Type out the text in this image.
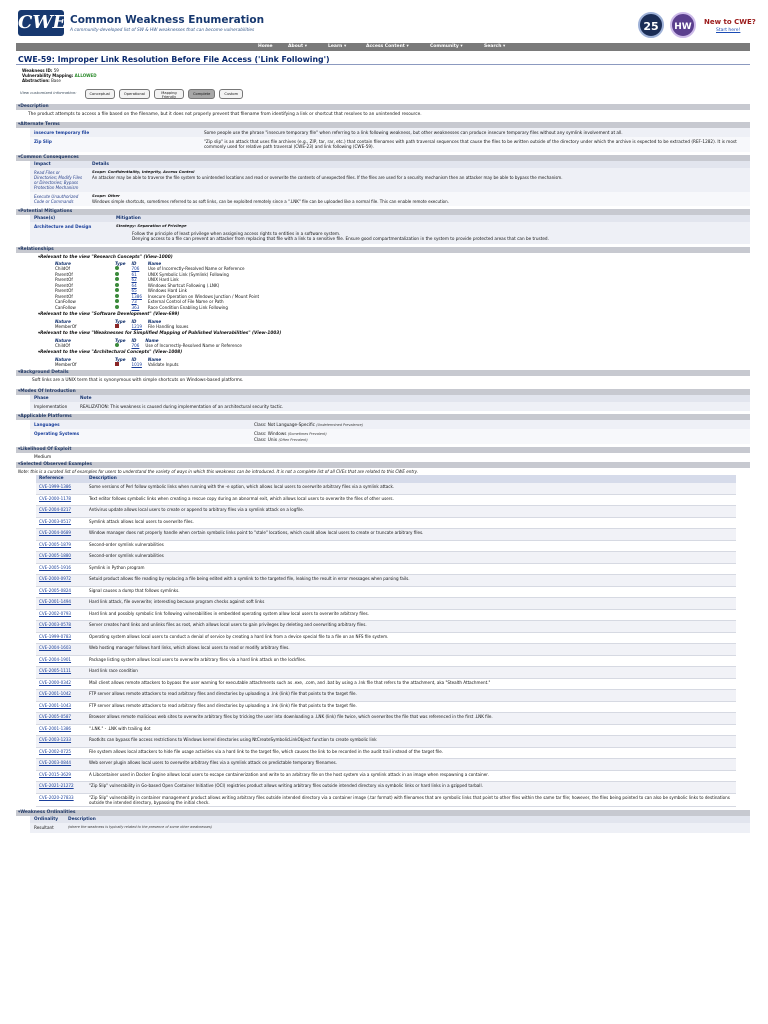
CWE Common Weakness Enumeration
A community-developed list of SW & HW weaknesses that can become vulnerabilities	25	HW	New to CWE?
Start here!
Home	About ▾	Learn ▾	Access Content ▾	Community ▾	Search ▾
CWE-59: Improper Link Resolution Before File Access ('Link Following')
Weakness ID: 59
Vulnerability Mapping: ALLOWED
Abstraction: Base
View customized information:	Conceptual	Operational	Mapping Friendly
Complete	Custom
▾ Description
The product attempts to access a file based on the filename, but it does not properly prevent that filename from identifying a link or shortcut that resolves to an unintended resource.
▾ Alternate Terms
insecure temporary file	Some people use the phrase "insecure temporary file" when referring to a link following weakness, but other weaknesses can produce insecure temporary files without any symlink involvement at all.
Zip Slip	"Zip slip" is an attack that uses file archives (e.g., ZIP, tar, rar, etc.) that contain filenames with path traversal sequences that cause the files to be written outside of the directory under which the archive is expected to be extracted (REF-1282). It is most commonly used for relative path traversal (CWE-23) and link following (CWE-59).
▾ Common Consequences
Impact	Details
Read Files or Directories; Modify Files or Directories; Bypass Protection Mechanism	Scope: Confidentiality, Integrity, Access Control
An attacker may be able to traverse the file system to unintended locations and read or overwrite the contents of unexpected files. If the files are used for a security mechanism then an attacker may be able to bypass the mechanism.

Execute Unauthorized Code or Commands	Scope: Other
Windows simple shortcuts, sometimes referred to as soft links, can be exploited remotely since a ".LNK" file can be uploaded like a normal file. This can enable remote execution.
▾ Potential Mitigations
Phase(s)	Mitigation
Architecture and Design	Strategy: Separation of Privilege
Follow the principle of least privilege when assigning access rights to entities in a software system.
Denying access to a file can prevent an attacker from replacing that file with a link to a sensitive file. Ensure good compartmentalization in the system to provide protected areas that can be trusted.
▾ Relationships
▾ Relevant to the view "Research Concepts" (View-1000)
Nature	Type	ID	Name
ChildOf		706	Use of Incorrectly-Resolved Name or Reference
ParentOf		61	UNIX Symbolic Link (Symlink) Following
ParentOf		62	UNIX Hard Link
ParentOf		64	Windows Shortcut Following (.LNK)
ParentOf		65	Windows Hard Link
ParentOf		1386	Insecure Operation on Windows Junction / Mount Point
CanFollow		73	External Control of File Name or Path
CanFollow		363	Race Condition Enabling Link Following
▾ Relevant to the view "Software Development" (View-699)
Nature	Type	ID	Name
MemberOf		1219	File Handling Issues
▾ Relevant to the view "Weaknesses for Simplified Mapping of Published Vulnerabilities" (View-1003)
Nature	Type	ID	Name
ChildOf		706	Use of Incorrectly-Resolved Name or Reference
▾ Relevant to the view "Architectural Concepts" (View-1008)
Nature	Type	ID	Name
MemberOf		1019	Validate Inputs
▾ Background Details
Soft links are a UNIX term that is synonymous with simple shortcuts on Windows-based platforms.
▾ Modes Of Introduction
Phase	Note
Implementation	REALIZATION: This weakness is caused during implementation of an architectural security tactic.
▾ Applicable Platforms
Languages	Class: Not Language-Specific (Undetermined Prevalence)
Operating Systems	Class: Windows (Sometimes Prevalent)
Class: Unix (Often Prevalent)
▾ Likelihood Of Exploit
Medium
▾ Selected Observed Examples
Note: this is a curated list of examples for users to understand the variety of ways in which this weakness can be introduced. It is not a complete list of all CVEs that are related to this CWE entry.
Reference	Description
CVE-1999-1386	Some versions of Perl follow symbolic links when running with the -e option, which allows local users to overwrite arbitrary files via a symlink attack.
CVE-2000-1178	Text editor follows symbolic links when creating a rescue copy during an abnormal exit, which allows local users to overwrite the files of other users.
CVE-2004-0217	Antivirus update allows local users to create or append to arbitrary files via a symlink attack on a logfile.
CVE-2003-0517	Symlink attack allows local users to overwrite files.
CVE-2004-0689	Window manager does not properly handle when certain symbolic links point to "stale" locations, which could allow local users to create or truncate arbitrary files.
CVE-2005-1879	Second-order symlink vulnerabilities
CVE-2005-1880	Second-order symlink vulnerabilities
CVE-2005-1916	Symlink in Python program
CVE-2000-0972	Setuid product allows file reading by replacing a file being edited with a symlink to the targeted file, leaking the result in error messages when parsing fails.
CVE-2005-0824	Signal causes a dump that follows symlinks.
CVE-2001-1494	Hard link attack, file overwrite; interesting because program checks against soft links
CVE-2002-0793	Hard link and possibly symbolic link following vulnerabilities in embedded operating system allow local users to overwrite arbitrary files.
CVE-2003-0578	Server creates hard links and unlinks files as root, which allows local users to gain privileges by deleting and overwriting arbitrary files.
CVE-1999-0783	Operating system allows local users to conduct a denial of service by creating a hard link from a device special file to a file on an NFS file system.
CVE-2004-1603	Web hosting manager follows hard links, which allows local users to read or modify arbitrary files.
CVE-2004-1901	Package listing system allows local users to overwrite arbitrary files via a hard link attack on the lockfiles.
CVE-2005-1111	Hard link race condition
CVE-2000-0342	Mail client allows remote attackers to bypass the user warning for executable attachments such as .exe, .com, and .bat by using a .lnk file that refers to the attachment, aka "Stealth Attachment."
CVE-2001-1042	FTP server allows remote attackers to read arbitrary files and directories by uploading a .lnk (link) file that points to the target file.
CVE-2001-1043	FTP server allows remote attackers to read arbitrary files and directories by uploading a .lnk (link) file that points to the target file.
CVE-2005-0587	Browser allows remote malicious web sites to overwrite arbitrary files by tricking the user into downloading a .LNK (link) file twice, which overwrites the file that was referenced in the first .LNK file.
CVE-2001-1386	".LNK." - .LNK with trailing dot
CVE-2003-1233	Rootkits can bypass file access restrictions to Windows kernel directories using NtCreateSymbolicLinkObject function to create symbolic link
CVE-2002-0725	File system allows local attackers to hide file usage activities via a hard link to the target file, which causes the link to be recorded in the audit trail instead of the target file.
CVE-2003-0844	Web server plugin allows local users to overwrite arbitrary files via a symlink attack on predictable temporary filenames.
CVE-2015-3629	A Libcontainer used in Docker Engine allows local users to escape containerization and write to an arbitrary file on the host system via a symlink attack in an image when respawning a container.
CVE-2021-21272	"Zip Slip" vulnerability in Go-based Open Container Initiative (OCI) registries product allows writing arbitrary files outside intended directory via symbolic links or hard links in a gzipped tarball.
CVE-2020-27833	"Zip Slip" vulnerability in container management product allows writing arbitrary files outside intended directory via a container image (.tar format) with filenames that are symbolic links that point to other files within the same tar file; however, the files being pointed to can also be symbolic links to destinations outside the intended directory, bypassing the initial check.
▾ Weakness Ordinalities
Ordinality	Description
Resultant	(where the weakness is typically related to the presence of some other weaknesses)
